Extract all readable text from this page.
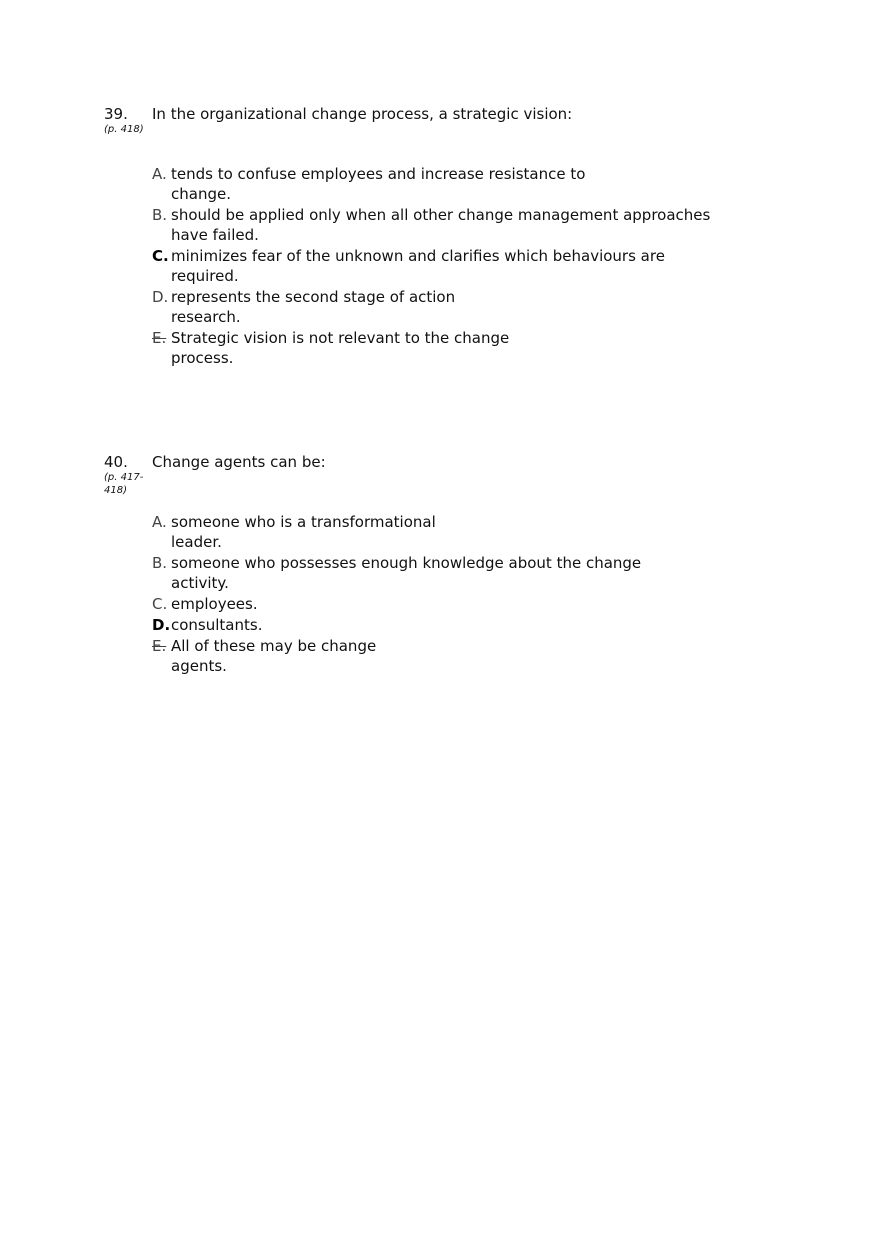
39.
(p. 418)
In the organizational change process, a strategic vision:
A. tends to confuse employees and increase resistance to change.
B. should be applied only when all other change management approaches have failed.
C. minimizes fear of the unknown and clarifies which behaviours are required.
D. represents the second stage of action research.
E. Strategic vision is not relevant to the change process.
40.
(p. 417-418)
Change agents can be:
A. someone who is a transformational leader.
B. someone who possesses enough knowledge about the change activity.
C. employees.
D. consultants.
E. All of these may be change agents.
